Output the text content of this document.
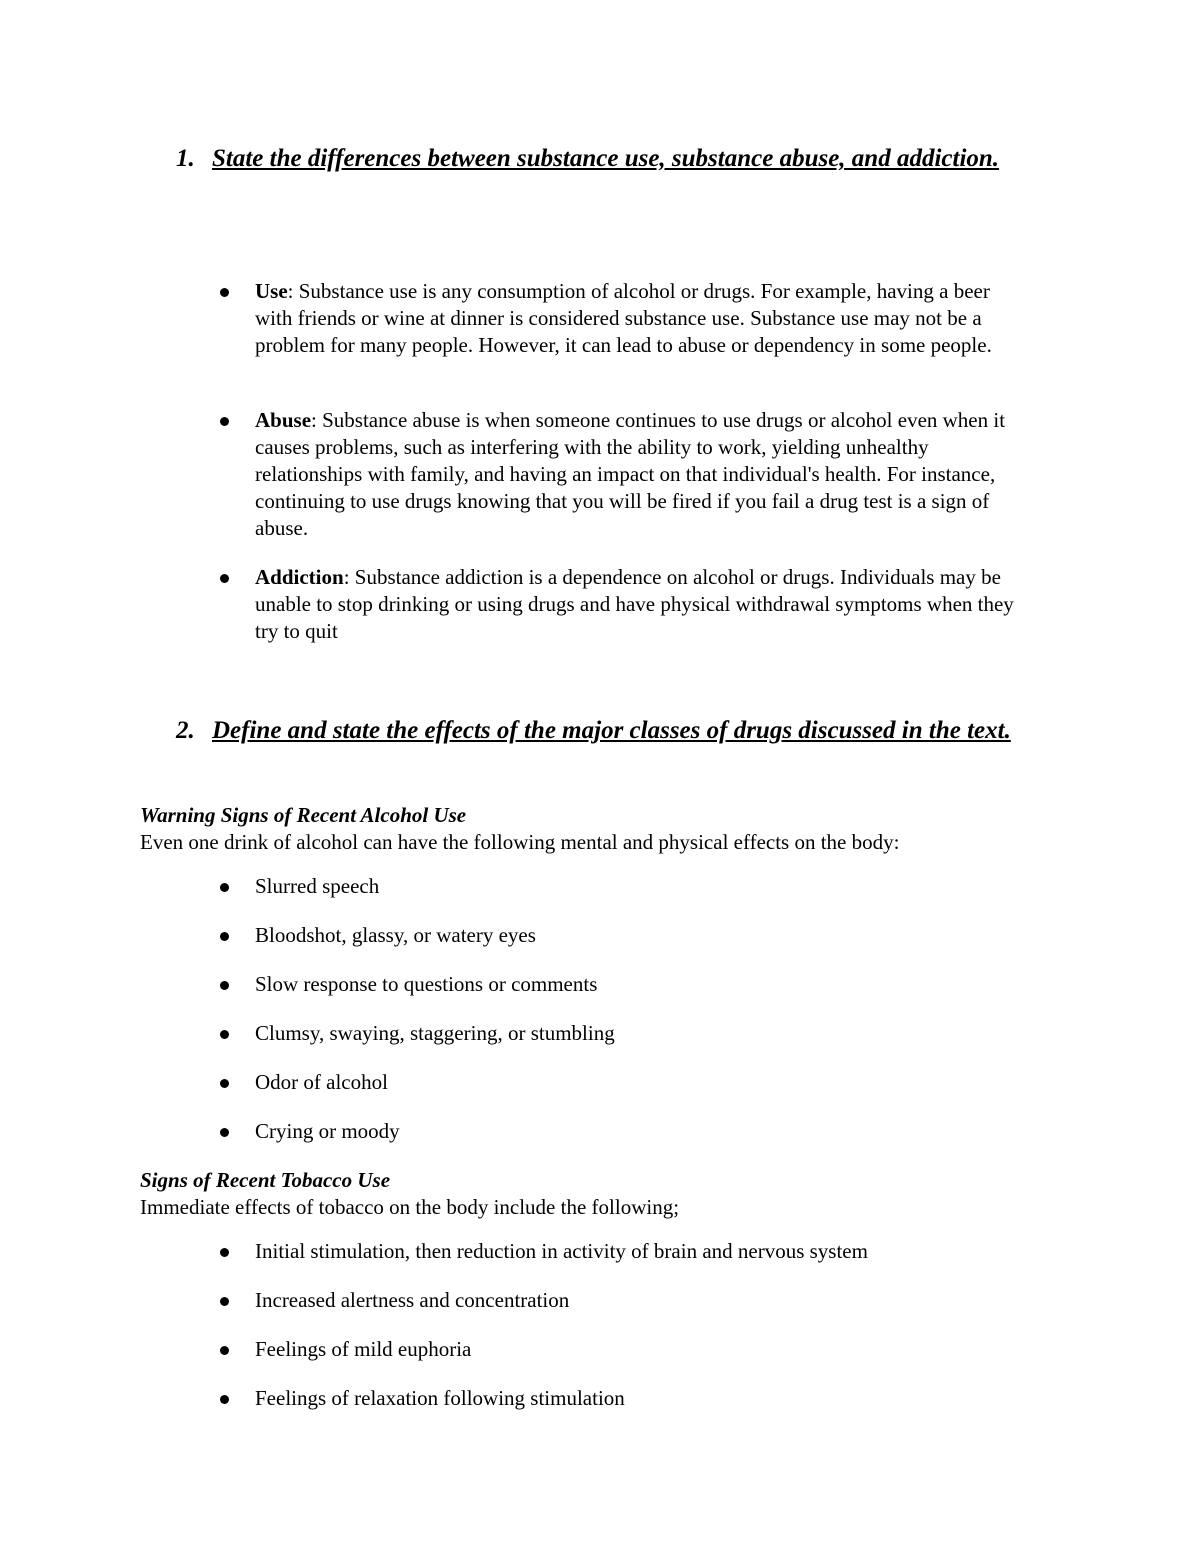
1. State the differences between substance use, substance abuse, and addiction.
Use: Substance use is any consumption of alcohol or drugs. For example, having a beer with friends or wine at dinner is considered substance use. Substance use may not be a problem for many people. However, it can lead to abuse or dependency in some people.
Abuse: Substance abuse is when someone continues to use drugs or alcohol even when it causes problems, such as interfering with the ability to work, yielding unhealthy relationships with family, and having an impact on that individual's health. For instance, continuing to use drugs knowing that you will be fired if you fail a drug test is a sign of abuse.
Addiction: Substance addiction is a dependence on alcohol or drugs. Individuals may be unable to stop drinking or using drugs and have physical withdrawal symptoms when they try to quit
2. Define and state the effects of the major classes of drugs discussed in the text.
Warning Signs of Recent Alcohol Use
Even one drink of alcohol can have the following mental and physical effects on the body:
Slurred speech
Bloodshot, glassy, or watery eyes
Slow response to questions or comments
Clumsy, swaying, staggering, or stumbling
Odor of alcohol
Crying or moody
Signs of Recent Tobacco Use
Immediate effects of tobacco on the body include the following;
Initial stimulation, then reduction in activity of brain and nervous system
Increased alertness and concentration
Feelings of mild euphoria
Feelings of relaxation following stimulation
